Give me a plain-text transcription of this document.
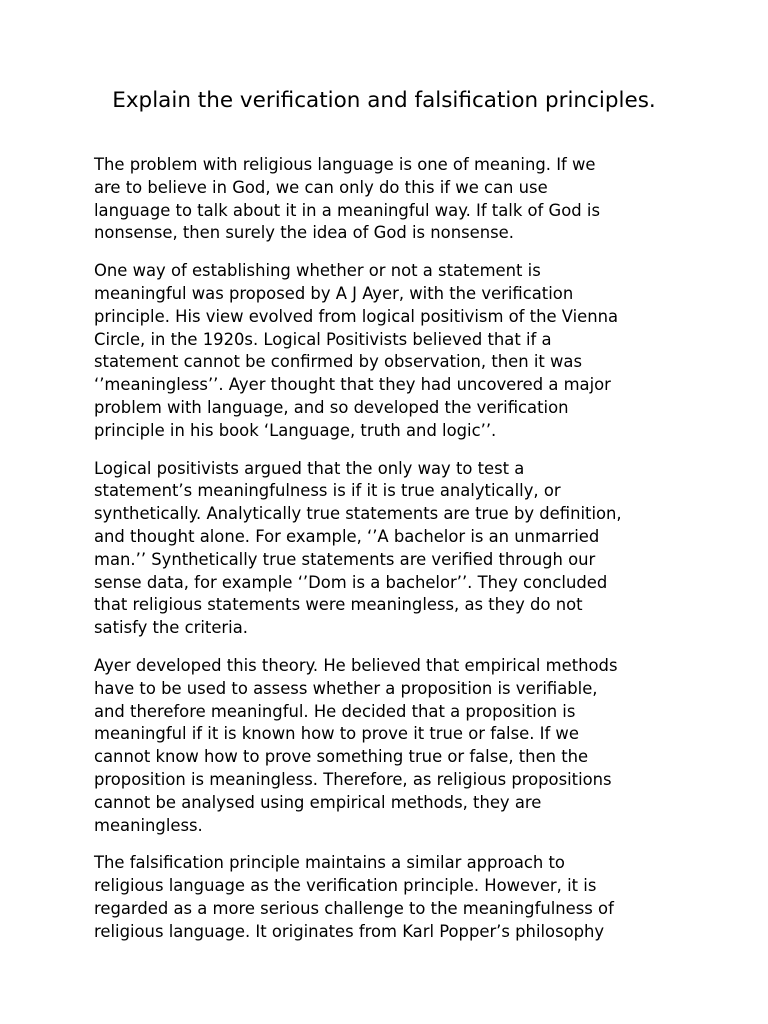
Explain the verification and falsification principles.

The problem with religious language is one of meaning. If we
are to believe in God, we can only do this if we can use
language to talk about it in a meaningful way. If talk of God is
nonsense, then surely the idea of God is nonsense.

One way of establishing whether or not a statement is
meaningful was proposed by A J Ayer, with the verification
principle. His view evolved from logical positivism of the Vienna
Circle, in the 1920s. Logical Positivists believed that if a
statement cannot be confirmed by observation, then it was
‘’meaningless’’. Ayer thought that they had uncovered a major
problem with language, and so developed the verification
principle in his book ‘Language, truth and logic’’.

Logical positivists argued that the only way to test a
statement’s meaningfulness is if it is true analytically, or
synthetically. Analytically true statements are true by definition,
and thought alone. For example, ‘’A bachelor is an unmarried
man.’’ Synthetically true statements are verified through our
sense data, for example ‘’Dom is a bachelor’’. They concluded
that religious statements were meaningless, as they do not
satisfy the criteria.

Ayer developed this theory. He believed that empirical methods
have to be used to assess whether a proposition is verifiable,
and therefore meaningful. He decided that a proposition is
meaningful if it is known how to prove it true or false. If we
cannot know how to prove something true or false, then the
proposition is meaningless. Therefore, as religious propositions
cannot be analysed using empirical methods, they are
meaningless.

The falsification principle maintains a similar approach to
religious language as the verification principle. However, it is
regarded as a more serious challenge to the meaningfulness of
religious language. It originates from Karl Popper’s philosophy
